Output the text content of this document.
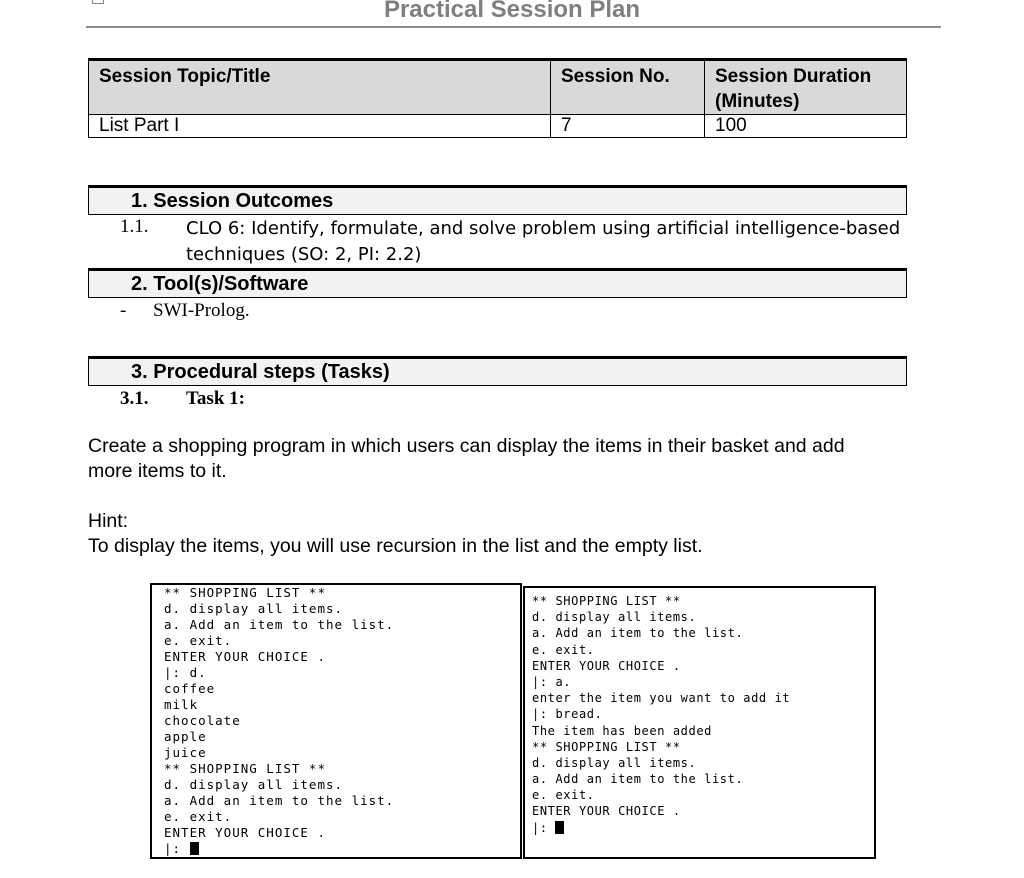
Practical Session Plan
Session Topic/Title	Session No.	Session Duration (Minutes)
List Part I	7	100
1. Session Outcomes
1.1. CLO 6: Identify, formulate, and solve problem using artificial intelligence-based
techniques (SO: 2, PI: 2.2)
2. Tool(s)/Software
- SWI-Prolog.
3. Procedural steps (Tasks)
3.1. Task 1:
Create a shopping program in which users can display the items in their basket and add
more items to it.
Hint:
To display the items, you will use recursion in the list and the empty list.
** SHOPPING LIST **
d. display all items.
a. Add an item to the list.
e. exit.
ENTER YOUR CHOICE .
|: d.
coffee
milk
chocolate
apple
juice
** SHOPPING LIST **
d. display all items.
a. Add an item to the list.
e. exit.
ENTER YOUR CHOICE .
|:
** SHOPPING LIST **
d. display all items.
a. Add an item to the list.
e. exit.
ENTER YOUR CHOICE .
|: a.
enter the item you want to add it
|: bread.
The item has been added
** SHOPPING LIST **
d. display all items.
a. Add an item to the list.
e. exit.
ENTER YOUR CHOICE .
|:
